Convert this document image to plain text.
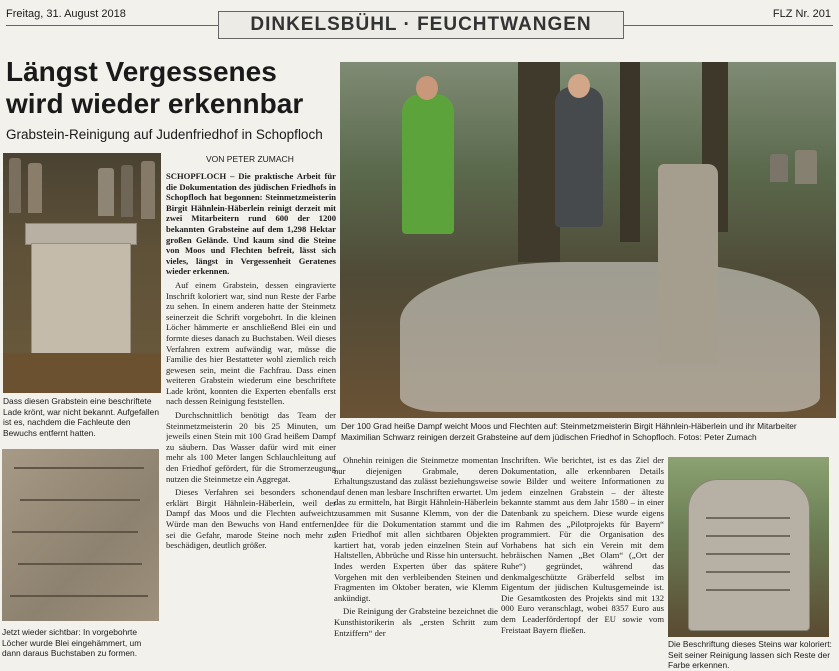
Freitag, 31. August 2018	DINKELSBÜHL · FEUCHTWANGEN	FLZ Nr. 201
Längst Vergessenes
wird wieder erkennbar
Grabstein-Reinigung auf Judenfriedhof in Schopfloch
Dass diesen Grabstein eine beschriftete Lade krönt, war nicht bekannt. Aufgefallen ist es, nachdem die Fachleute den Bewuchs entfernt hatten.
Jetzt wieder sichtbar: In vorgebohrte Löcher wurde Blei eingehämmert, um dann daraus Buchstaben zu formen.
VON PETER ZUMACH

SCHOPFLOCH – Die praktische Arbeit für die Dokumentation des jüdischen Friedhofs in Schopfloch hat begonnen: Steinmetzmeisterin Birgit Hähnlein-Häberlein reinigt derzeit mit zwei Mitarbeitern rund 600 der 1200 bekannten Grabsteine auf dem 1,298 Hektar großen Gelände. Und kaum sind die Steine von Moos und Flechten befreit, lässt sich vieles, längst in Vergessenheit Geratenes wieder erkennen.

Auf einem Grabstein, dessen eingravierte Inschrift koloriert war, sind nun Reste der Farbe zu sehen. In einem anderen hatte der Steinmetz seinerzeit die Schrift vorgebohrt. In die kleinen Löcher hämmerte er anschließend Blei ein und formte dieses danach zu Buchstaben. Weil dieses Verfahren extrem aufwändig war, müsse die Familie des hier Bestatteter wohl ziemlich reich gewesen sein, meint die Fachfrau. Dass einen weiteren Grabstein wiederum eine beschriftete Lade krönt, konnten die Experten ebenfalls erst nach dessen Reinigung feststellen.

Durchschnittlich benötigt das Team der Steinmetzmeisterin 20 bis 25 Minuten, um jeweils einen Stein mit 100 Grad heißem Dampf zu säubern. Das Wasser dafür wird mit einer mehr als 100 Meter langen Schlauchleitung auf den Friedhof gefördert, für die Stromerzeugung nutzen die Steinmetze ein Aggregat.

Dieses Verfahren sei besonders schonend, erklärt Birgit Hähnlein-Häberlein, weil der Dampf das Moos und die Flechten aufweicht. Würde man den Bewuchs von Hand entfernen, sei die Gefahr, marode Steine noch mehr zu beschädigen, deutlich größer.

Der 100 Grad heiße Dampf weicht Moos und Flechten auf: Steinmetzmeisterin Birgit Hähnlein-Häberlein und ihr Mitarbeiter Maximilian Schwarz reinigen derzeit Grabsteine auf dem jüdischen Friedhof in Schopfloch. Fotos: Peter Zumach

Ohnehin reinigen die Steinmetze momentan nur diejenigen Grabmale, deren Erhaltungszustand das zulässt beziehungsweise auf denen man lesbare Inschriften erwartet. Um das zu ermitteln, hat Birgit Hähnlein-Häberlein zusammen mit Susanne Klemm, von der die Idee für die Dokumentation stammt und die den Friedhof mit allen sichtbaren Objekten kartiert hat, vorab jeden einzelnen Stein auf Haltstellen, Abbrüche und Risse hin untersucht. Indes werden Experten über das spätere Vorgehen mit den verbleibenden Steinen und Fragmenten im Oktober beraten, wie Klemm ankündigt.

Die Reinigung der Grabsteine bezeichnet die Kunsthistorikerin als „ersten Schritt zum Entziffern“ der

Inschriften. Wie berichtet, ist es das Ziel der Dokumentation, alle erkennbaren Details sowie Bilder und weitere Informationen zu jedem einzelnen Grabstein – der älteste bekannte stammt aus dem Jahr 1580 – in einer Datenbank zu speichern. Diese wurde eigens im Rahmen des „Pilotprojekts für Bayern“ programmiert. Für die Organisation des Vorhabens hat sich ein Verein mit dem hebräischen Namen „Bet Olam“ („Ort der Ruhe“) gegründet, während das denkmalgeschützte Gräberfeld selbst im Eigentum der jüdischen Kultusgemeinde ist. Die Gesamtkosten des Projekts sind mit 132 000 Euro veranschlagt, wobei 8357 Euro aus dem Leaderfördertopf der EU sowie vom Freistaat Bayern fließen.

Die Beschriftung dieses Steins war koloriert: Seit seiner Reinigung lassen sich Reste der Farbe erkennen.
